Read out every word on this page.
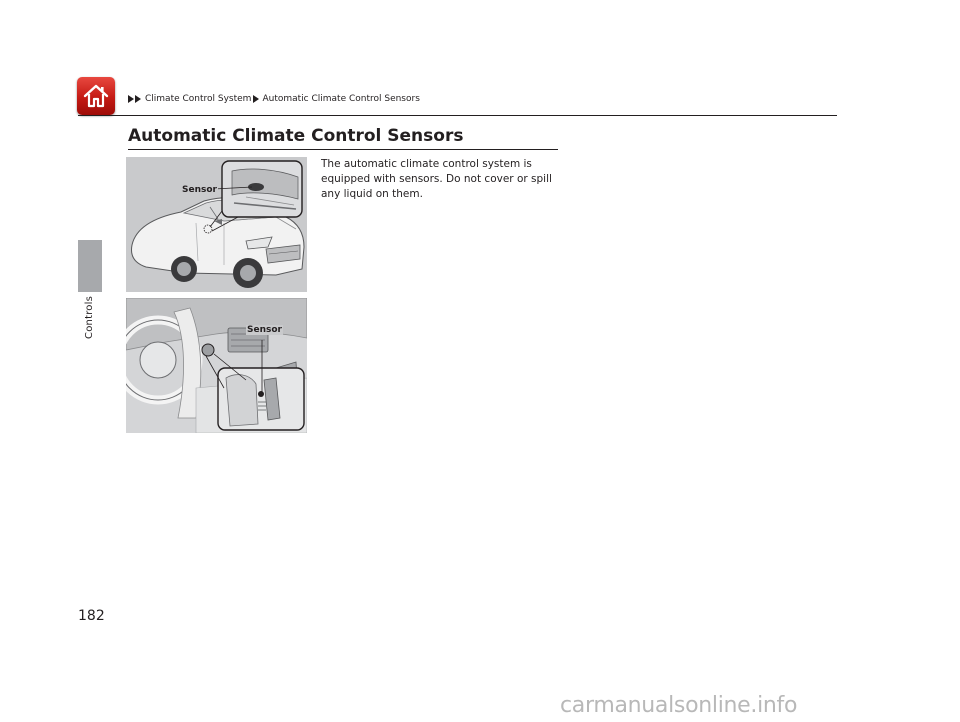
Climate Control System Automatic Climate Control Sensors
Controls
Automatic Climate Control Sensors

The automatic climate control system is equipped with sensors. Do not cover or spill any liquid on them.

Sensor
Sensor
182
carmanualsonline.info
